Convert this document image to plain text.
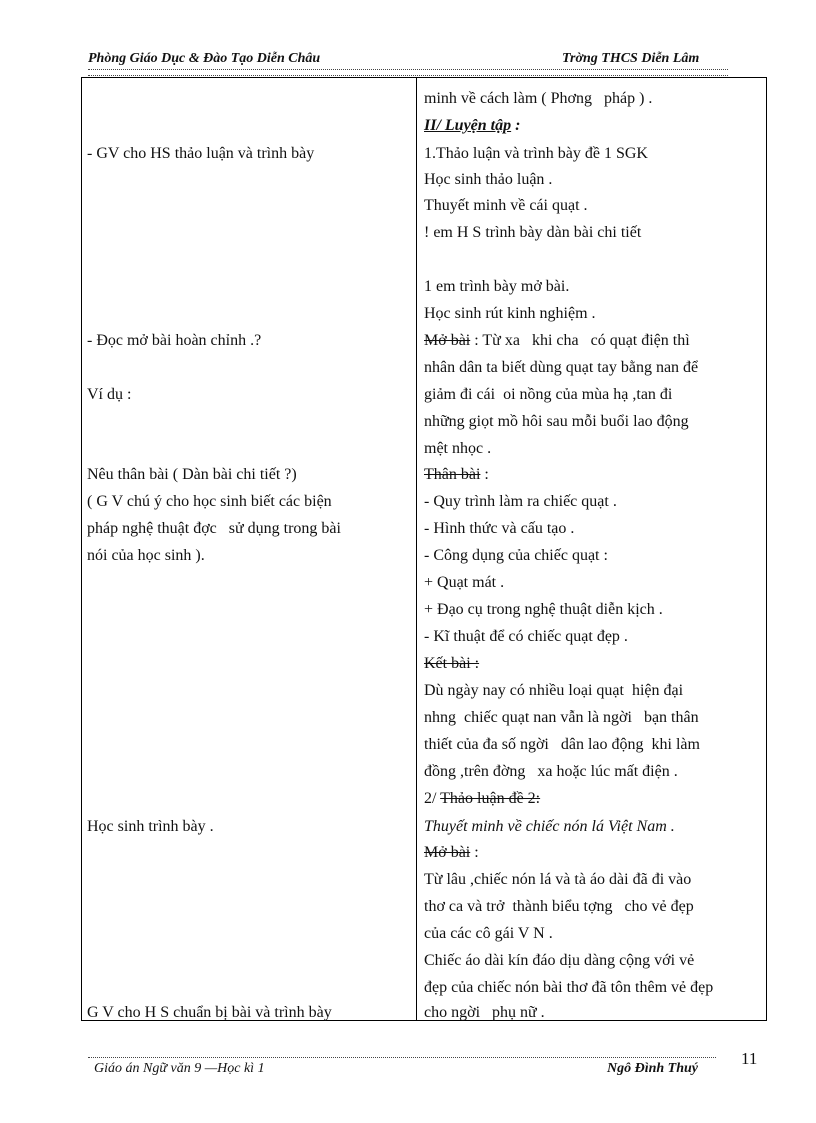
Phòng Giáo Dục & Đào Tạo Diễn Châu	Trờng THCS Diễn Lâm
- GV cho HS thảo luận và trình bày
- Đọc mở bài hoàn chỉnh .?
Ví dụ :
Nêu thân bài ( Dàn bài chi tiết ?)
( G V chú ý cho học sinh biết các biện
pháp nghệ thuật đợc   sử dụng trong bài
nói của học sinh ).
Học sinh trình bày .
G V cho H S chuẩn bị bài và trình bày
minh về cách làm ( Phơng   pháp ) .
II/ Luyện tập :
1.Thảo luận và trình bày đề 1 SGK
Học sinh thảo luận .
Thuyết minh về cái quạt .
! em H S trình bày dàn bài chi tiết
1 em trình bày mở bài.
Học sinh rút kinh nghiệm .
Mở bài : Từ xa   khi cha   có quạt điện thì
nhân dân ta biết dùng quạt tay bằng nan để
giảm đi cái  oi nồng của mùa hạ ,tan đi
những giọt mồ hôi sau mỗi buổi lao động
mệt nhọc .
Thân bài :
- Quy trình làm ra chiếc quạt .
- Hình thức và cấu tạo .
- Công dụng của chiếc quạt :
+ Quạt mát .
+ Đạo cụ trong nghệ thuật diễn kịch .
- Kĩ thuật để có chiếc quạt đẹp .
Kết bài :
Dù ngày nay có nhiều loại quạt  hiện đại
nhng  chiếc quạt nan vẫn là ngời   bạn thân
thiết của đa số ngời   dân lao động  khi làm
đồng ,trên đờng   xa hoặc lúc mất điện .
2/ Thảo luận đề 2:
Thuyết minh về chiếc nón lá Việt Nam .
Mở bài :
Từ lâu ,chiếc nón lá và tà áo dài đã đi vào
thơ ca và trở  thành biểu tợng   cho vẻ đẹp
của các cô gái V N .
Chiếc áo dài kín đáo dịu dàng cộng với vẻ
đẹp của chiếc nón bài thơ đã tôn thêm vẻ đẹp
cho ngời   phụ nữ .
Giáo án Ngữ văn 9 —Học kì 1	Ngô Đình Thuý
11
